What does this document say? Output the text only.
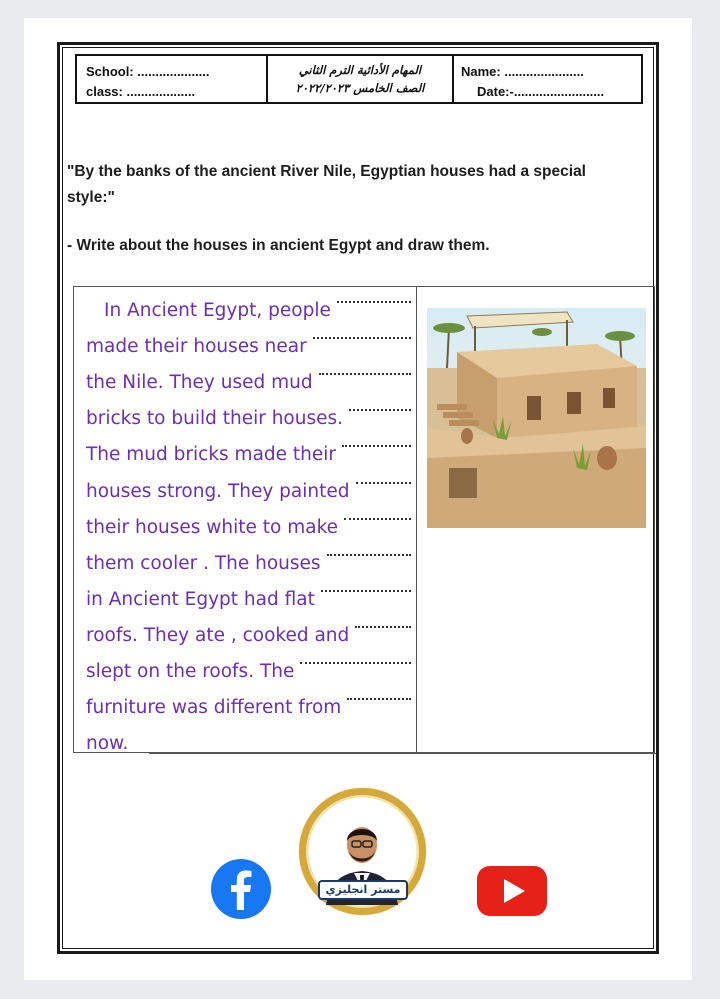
School: ....................
class: ...................
المهام الأدائية الترم الثاني
الصف الخامس ٢٠٢٢/٢٠٢٣
Name: ......................
Date:-.........................
"By the banks of the ancient River Nile, Egyptian houses had a special style:"
- Write about the houses in ancient Egypt and draw them.
In Ancient Egypt, people
made their houses near
the Nile. They used mud
bricks to build their houses.
The mud bricks made their
houses strong. They painted
their houses white to make
them cooler . The houses
in Ancient Egypt had flat
roofs. They ate , cooked and
slept on the roofs. The
furniture was different from
now.
مستر انجليزي
